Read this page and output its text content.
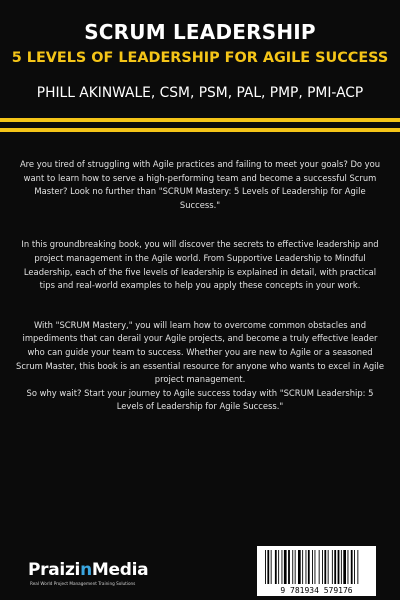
SCRUM LEADERSHIP
5 LEVELS OF LEADERSHIP FOR AGILE SUCCESS
PHILL AKINWALE, CSM, PSM, PAL, PMP, PMI-ACP

Are you tired of struggling with Agile practices and failing to meet your goals? Do you want to learn how to serve a high-performing team and become a successful Scrum Master? Look no further than "SCRUM Mastery: 5 Levels of Leadership for Agile Success."

In this groundbreaking book, you will discover the secrets to effective leadership and project management in the Agile world. From Supportive Leadership to Mindful Leadership, each of the five levels of leadership is explained in detail, with practical tips and real-world examples to help you apply these concepts in your work.

With "SCRUM Mastery," you will learn how to overcome common obstacles and impediments that can derail your Agile projects, and become a truly effective leader who can guide your team to success. Whether you are new to Agile or a seasoned Scrum Master, this book is an essential resource for anyone who wants to excel in Agile project management.

So why wait? Start your journey to Agile success today with "SCRUM Leadership: 5 Levels of Leadership for Agile Success."

PraizinMedia
Real World Project Management Training Solutions
9 781934 579176
